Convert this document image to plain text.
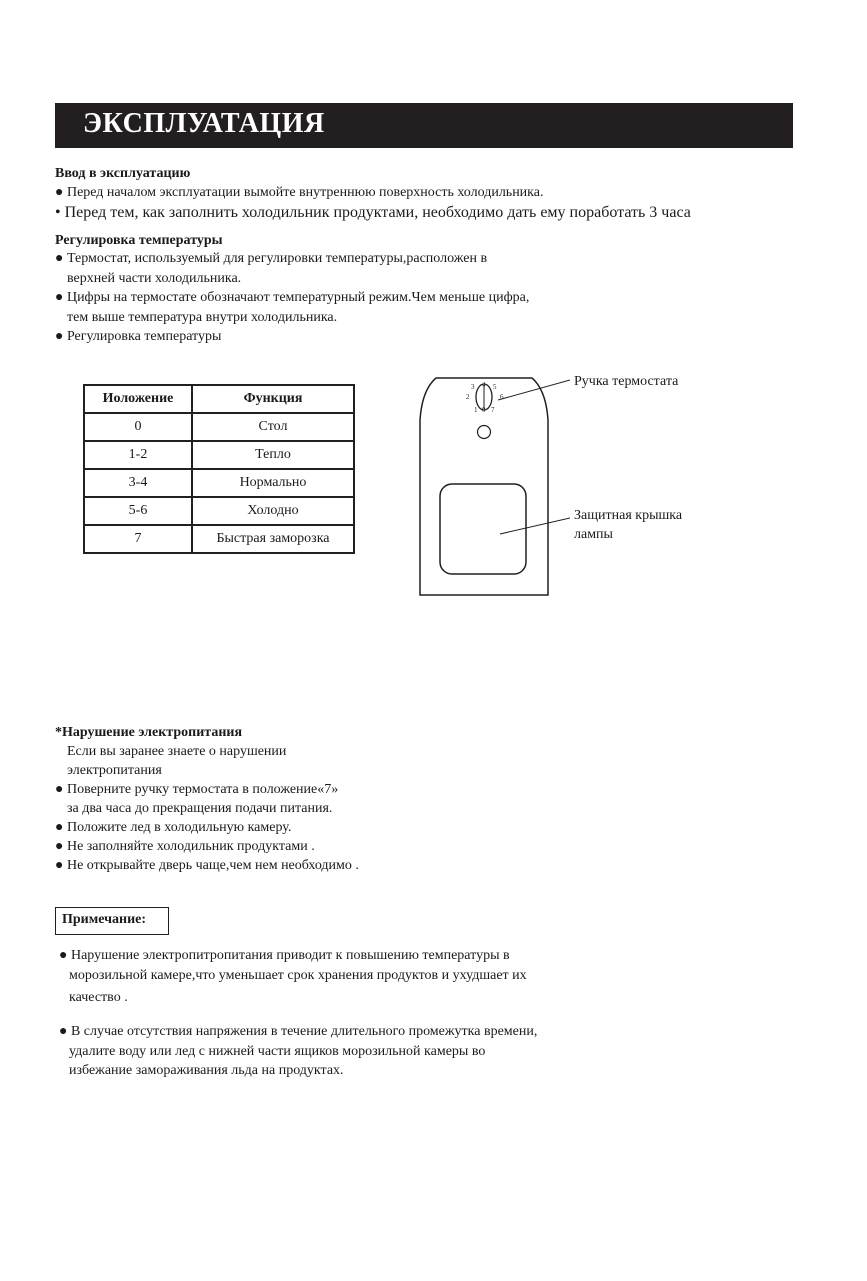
ЭКСПЛУАТАЦИЯ
Ввод в эксплуатацию
● Перед началом эксплуатации вымойте внутреннюю поверхность холодильника.
• Перед тем, как заполнить холодильник продуктами, необходимо дать ему поработать 3 часа
Регулировка температуры
● Термостат, используемый для регулировки температуры,расположен в
верхней части холодильника.
● Цифры на термостате обозначают температурный режим.Чем меньше цифра,
тем выше температура внутри холодильника.
● Регулировка температуры
Иоложение	Функция
0	Стол
1-2	Тепло
3-4	Нормально
5-6	Холодно
7	Быстрая заморозка
3 4 5
2	6
1 0 7
Ручка термостата
Защитная крышка
лампы
*Нарушение электропитания
Если вы заранее знаете о нарушении
электропитания
● Поверните ручку термостата в положение«7»
за два часа до прекращения подачи питания.
● Положите лед в холодильную камеру.
● Не заполняйте холодильник продуктами .
● Не открывайте дверь чаще,чем нем необходимо .
Примечание:
● Нарушение электропитропитания приводит к повышению температуры в
морозильной камере,что уменьшает срок хранения продуктов и ухудшает их
качество .
● В случае отсутствия напряжения в течение длительного промежутка времени,
удалите воду или лед с нижней части ящиков морозильной камеры во
избежание замораживания льда на продуктах.
